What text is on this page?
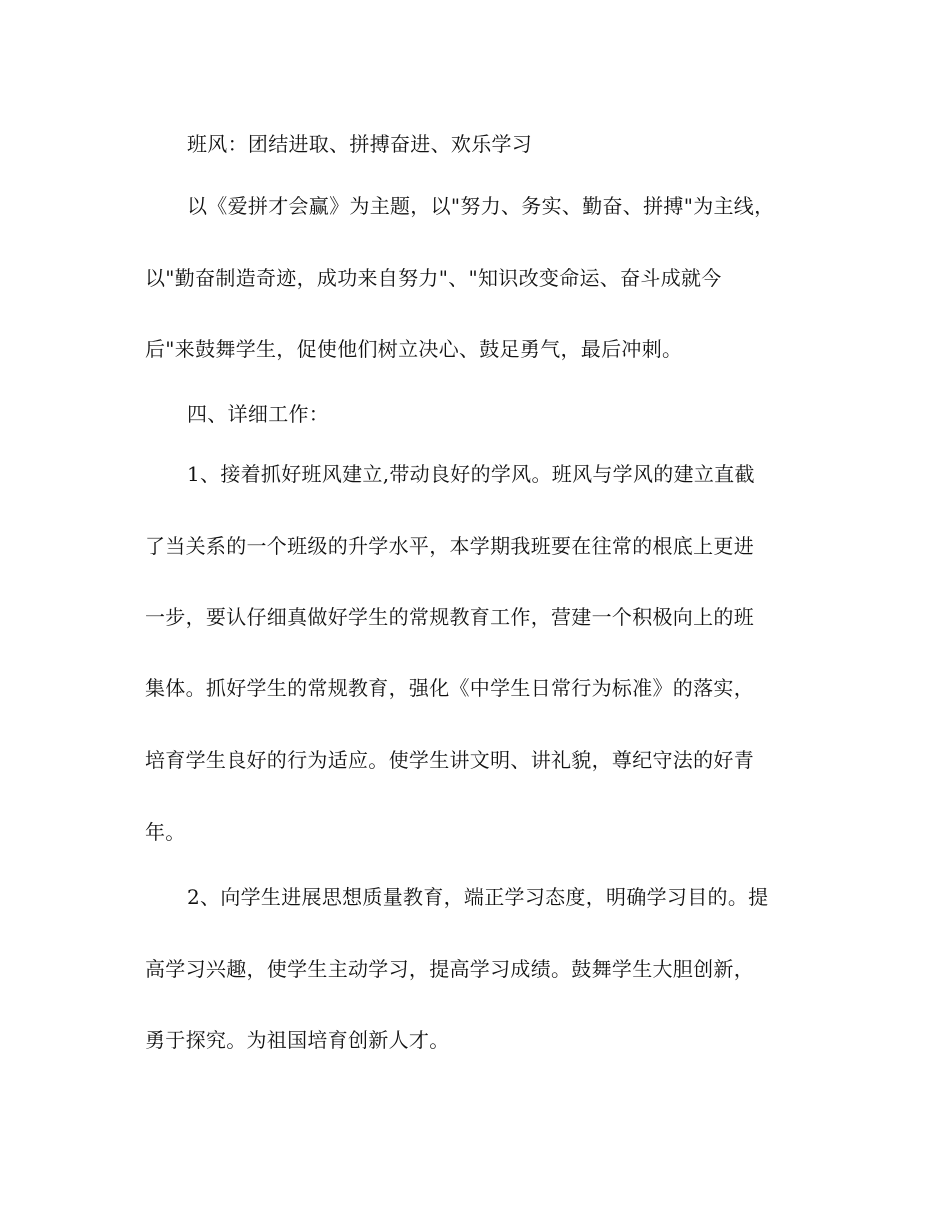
班风：团结进取、拼搏奋进、欢乐学习
以《爱拼才会赢》为主题，以"努力、务实、勤奋、拼搏"为主线，
以"勤奋制造奇迹，成功来自努力"、"知识改变命运、奋斗成就今
后"来鼓舞学生，促使他们树立决心、鼓足勇气，最后冲刺。
四、详细工作：
1、接着抓好班风建立,带动良好的学风。班风与学风的建立直截
了当关系的一个班级的升学水平，本学期我班要在往常的根底上更进
一步，要认仔细真做好学生的常规教育工作，营建一个积极向上的班
集体。抓好学生的常规教育，强化《中学生日常行为标准》的落实，
培育学生良好的行为适应。使学生讲文明、讲礼貌，尊纪守法的好青
年。
2、向学生进展思想质量教育，端正学习态度，明确学习目的。提
高学习兴趣，使学生主动学习，提高学习成绩。鼓舞学生大胆创新，
勇于探究。为祖国培育创新人才。
